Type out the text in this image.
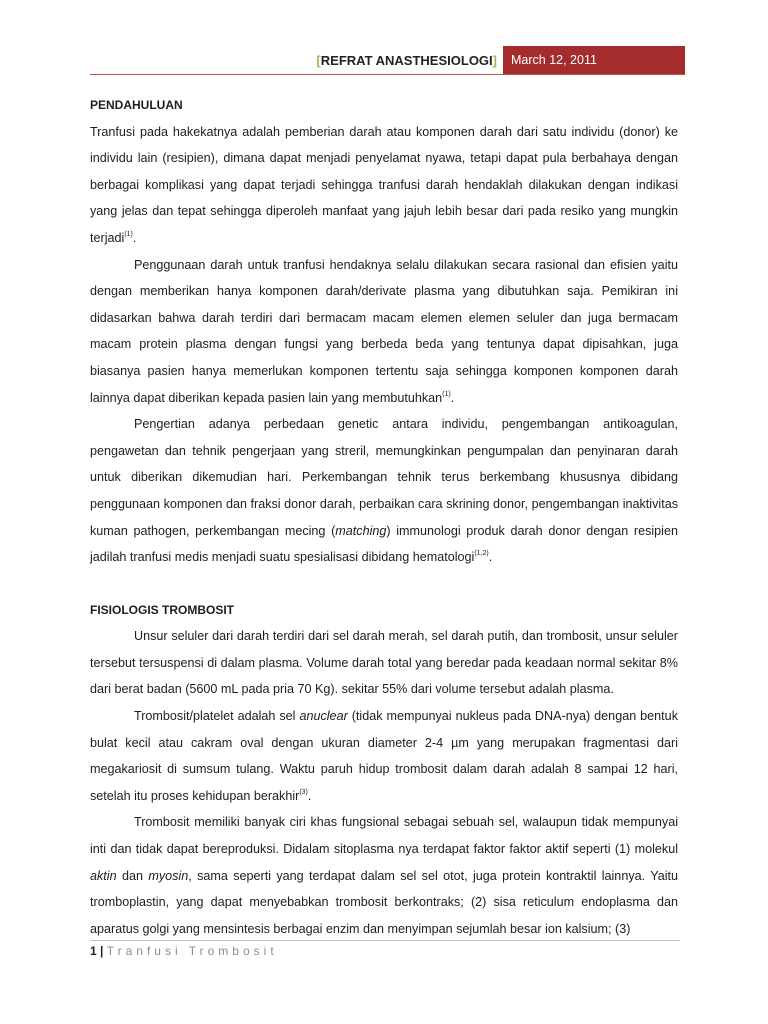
[REFRAT ANASTHESIOLOGI]	March 12, 2011
PENDAHULUAN

Tranfusi pada hakekatnya adalah pemberian darah atau komponen darah dari satu individu (donor) ke individu lain (resipien), dimana dapat menjadi penyelamat nyawa, tetapi dapat pula berbahaya dengan berbagai komplikasi yang dapat terjadi sehingga tranfusi darah hendaklah dilakukan dengan indikasi yang jelas dan tepat sehingga diperoleh manfaat yang jajuh lebih besar dari pada resiko yang mungkin terjadi$^{(1)}$.

Penggunaan darah untuk tranfusi hendaknya selalu dilakukan secara rasional dan efisien yaitu dengan memberikan hanya komponen darah/derivate plasma yang dibutuhkan saja. Pemikiran ini didasarkan bahwa darah terdiri dari bermacam macam elemen elemen seluler dan juga bermacam macam protein plasma dengan fungsi yang berbeda beda yang tentunya dapat dipisahkan, juga biasanya pasien hanya memerlukan komponen tertentu saja sehingga komponen komponen darah lainnya dapat diberikan kepada pasien lain yang membutuhkan$^{(1)}$.

Pengertian adanya perbedaan genetic antara individu, pengembangan antikoagulan, pengawetan dan tehnik pengerjaan yang streril, memungkinkan pengumpalan dan penyinaran darah untuk diberikan dikemudian hari. Perkembangan tehnik terus berkembang khususnya dibidang penggunaan komponen dan fraksi donor darah, perbaikan cara skrining donor, pengembangan inaktivitas kuman pathogen, perkembangan mecing (matching) immunologi produk darah donor dengan resipien jadilah tranfusi medis menjadi suatu spesialisasi dibidang hematologi$^{(1,2)}$.

FISIOLOGIS TROMBOSIT

Unsur seluler dari darah terdiri dari sel darah merah, sel darah putih, dan trombosit, unsur seluler tersebut tersuspensi di dalam plasma. Volume darah total yang beredar pada keadaan normal sekitar 8% dari berat badan (5600 mL pada pria 70 Kg). sekitar 55% dari volume tersebut adalah plasma.

Trombosit/platelet adalah sel anuclear (tidak mempunyai nukleus pada DNA-nya) dengan bentuk bulat kecil atau cakram oval dengan ukuran diameter 2-4 µm yang merupakan fragmentasi dari megakariosit di sumsum tulang. Waktu paruh hidup trombosit dalam darah adalah 8 sampai 12 hari, setelah itu proses kehidupan berakhir$^{(3)}$.

Trombosit memiliki banyak ciri khas fungsional sebagai sebuah sel, walaupun tidak mempunyai inti dan tidak dapat bereproduksi. Didalam sitoplasma nya terdapat faktor faktor aktif seperti (1) molekul aktin dan myosin, sama seperti yang terdapat dalam sel sel otot, juga protein kontraktil lainnya. Yaitu tromboplastin, yang dapat menyebabkan trombosit berkontraks; (2) sisa reticulum endoplasma dan aparatus golgi yang mensintesis berbagai enzim dan menyimpan sejumlah besar ion kalsium; (3)

1 | Tranfusi Trombosit
